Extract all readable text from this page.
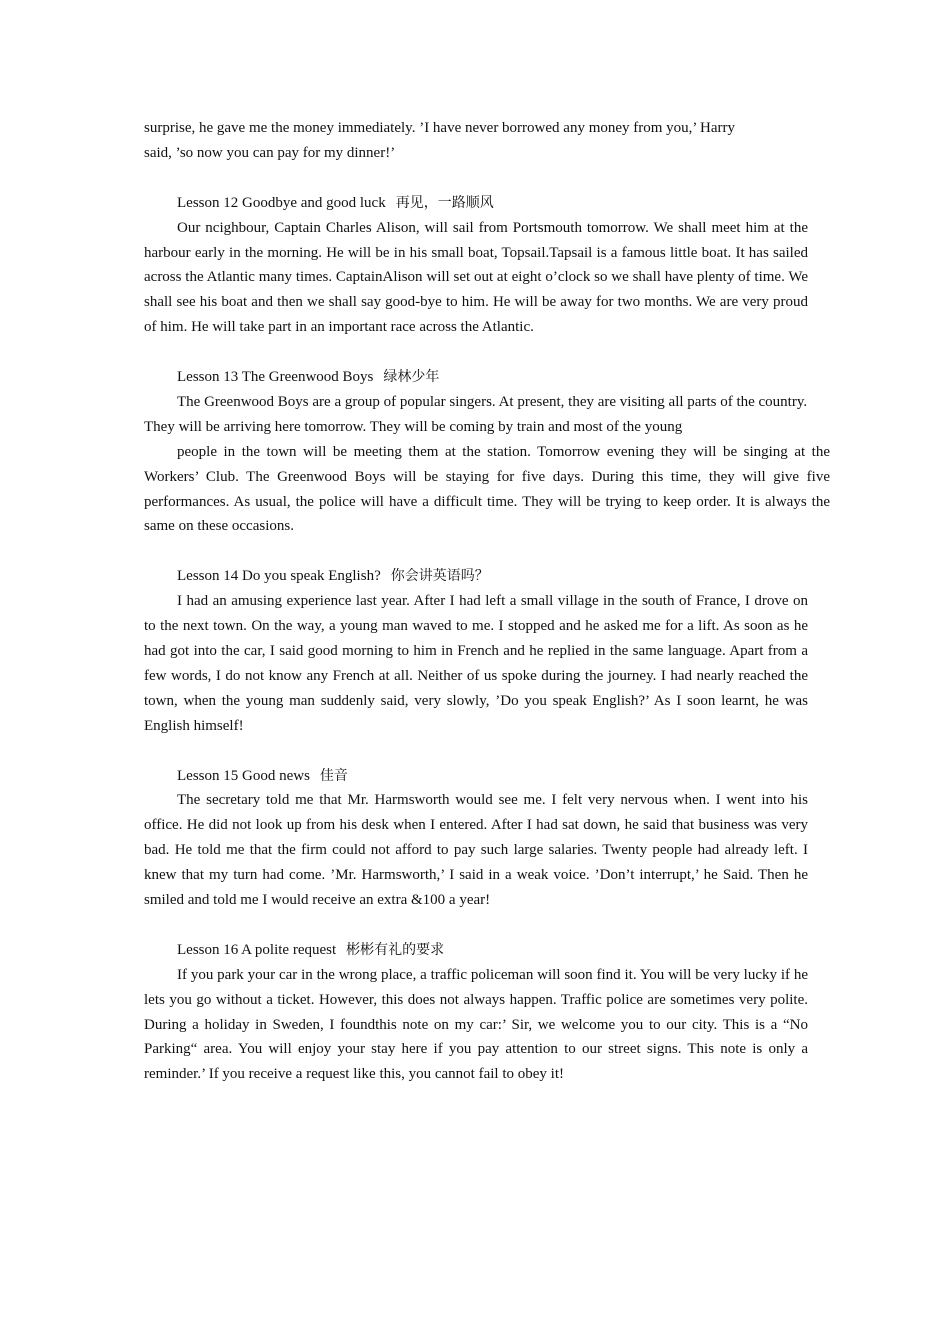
surprise, he gave me the money immediately. ’I have never borrowed any money from you,’ Harry

said, ’so now you can pay for my dinner!’

Lesson 12 Goodbye and good luck 再见，一路顺风

Our ncighbour, Captain Charles Alison, will sail from Portsmouth tomorrow. We shall meet him at the harbour early in the morning. He will be in his small boat, Topsail.Tapsail is a famous little boat. It has sailed across the Atlantic many times. CaptainAlison will set out at eight o’clock so we shall have plenty of time. We shall see his boat and then we shall say good-bye to him. He will be away for two months. We are very proud of him. He will take part in an important race across the Atlantic.

Lesson 13 The Greenwood Boys 绿林少年

The Greenwood Boys are a group of popular singers. At present, they are visiting all parts of the country. They will be arriving here tomorrow. They will be coming by train and most of the young

people in the town will be meeting them at the station. Tomorrow evening they will be singing at the Workers’ Club. The Greenwood Boys will be staying for five days. During this time, they will give five performances. As usual, the police will have a difficult time. They will be trying to keep order. It is always the same on these occasions.

Lesson 14 Do you speak English? 你会讲英语吗？

I had an amusing experience last year. After I had left a small village in the south of France, I drove on to the next town. On the way, a young man waved to me. I stopped and he asked me for a lift. As soon as he had got into the car, I said good morning to him in French and he replied in the same language. Apart from a few words, I do not know any French at all. Neither of us spoke during the journey. I had nearly reached the town, when the young man suddenly said, very slowly, ’Do you speak English?’ As I soon learnt, he was English himself!

Lesson 15 Good news 佳音

The secretary told me that Mr. Harmsworth would see me. I felt very nervous when. I went into his office. He did not look up from his desk when I entered. After I had sat down, he said that business was very bad. He told me that the firm could not afford to pay such large salaries. Twenty people had already left. I knew that my turn had come. ’Mr. Harmsworth,’ I said in a weak voice. ’Don’t interrupt,’ he Said. Then he smiled and told me I would receive an extra &100 a year!

Lesson 16 A polite request 彬彬有礼的要求

If you park your car in the wrong place, a traffic policeman will soon find it. You will be very lucky if he lets you go without a ticket. However, this does not always happen. Traffic police are sometimes very polite. During a holiday in Sweden, I foundthis note on my car:’ Sir, we welcome you to our city. This is a “No Parking“ area. You will enjoy your stay here if you pay attention to our street signs. This note is only a reminder.’ If you receive a request like this, you cannot fail to obey it!
